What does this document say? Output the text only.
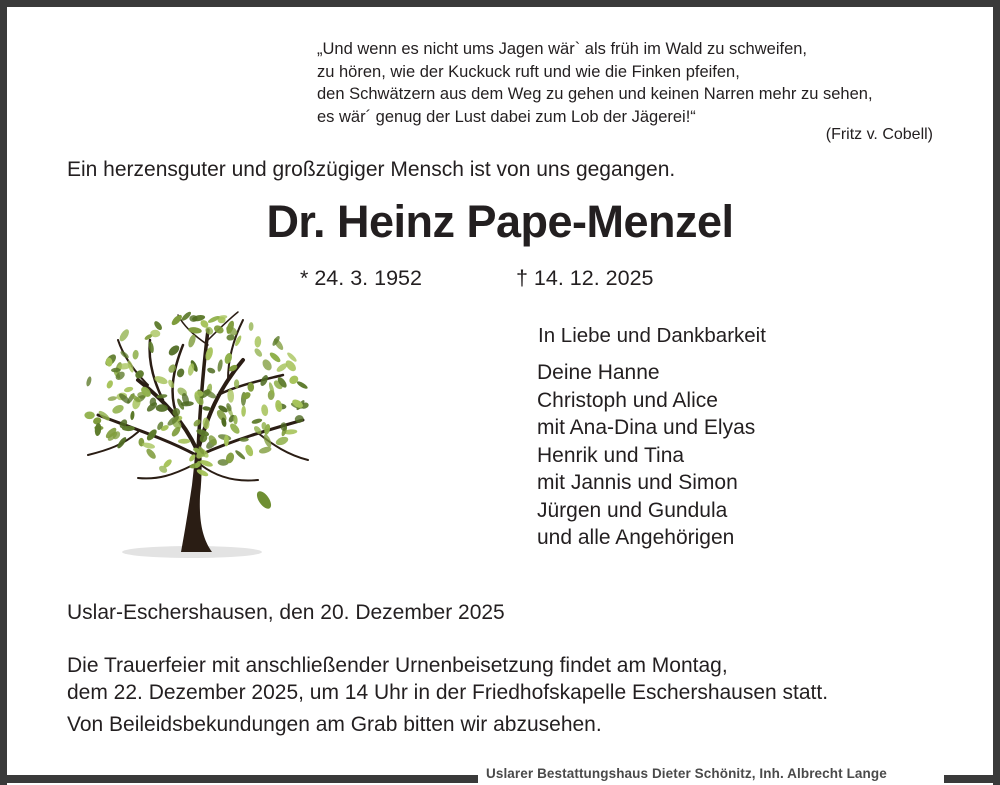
„Und wenn es nicht ums Jagen wär` als früh im Wald zu schweifen,
zu hören, wie der Kuckuck ruft und wie die Finken pfeifen,
den Schwätzern aus dem Weg zu gehen und keinen Narren mehr zu sehen,
es wär´ genug der Lust dabei zum Lob der Jägerei!“
(Fritz v. Cobell)
Ein herzensguter und großzügiger Mensch ist von uns gegangen.
Dr. Heinz Pape-Menzel
* 24. 3. 1952	† 14. 12. 2025
In Liebe und Dankbarkeit
Deine Hanne
Christoph und Alice
mit Ana-Dina und Elyas
Henrik und Tina
mit Jannis und Simon
Jürgen und Gundula
und alle Angehörigen
Uslar-Eschershausen, den 20. Dezember 2025
Die Trauerfeier mit anschließender Urnenbeisetzung findet am Montag,
dem 22. Dezember 2025, um 14 Uhr in der Friedhofskapelle Eschershausen statt.
Von Beileidsbekundungen am Grab bitten wir abzusehen.
Uslarer Bestattungshaus Dieter Schönitz, Inh. Albrecht Lange
